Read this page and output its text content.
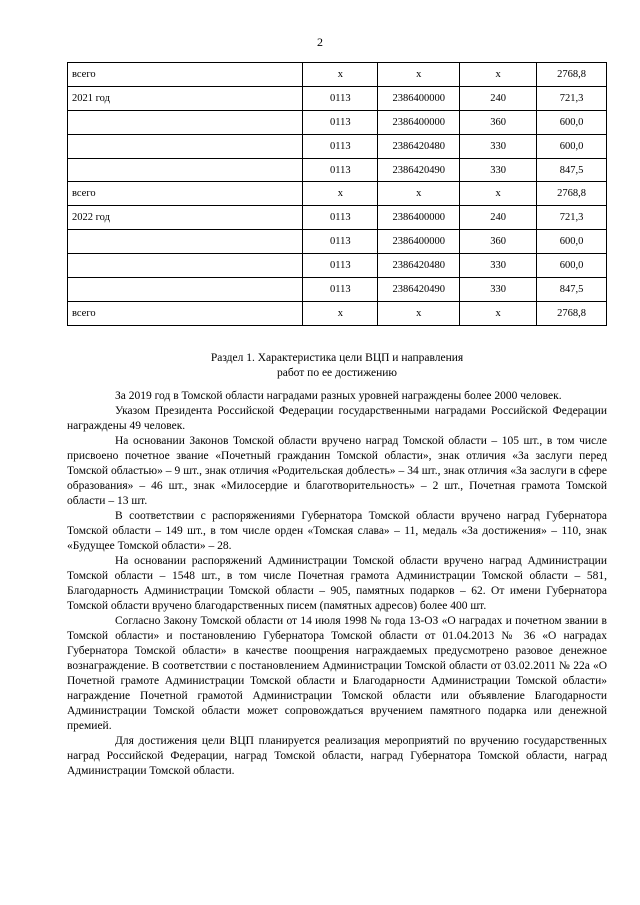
2
всего	х	х	х	2768,8
2021 год	0113	2386400000	240	721,3
	0113	2386400000	360	600,0
	0113	2386420480	330	600,0
	0113	2386420490	330	847,5
всего	х	х	х	2768,8
2022 год	0113	2386400000	240	721,3
	0113	2386400000	360	600,0
	0113	2386420480	330	600,0
	0113	2386420490	330	847,5
всего	х	х	х	2768,8
Раздел 1. Характеристика цели ВЦП и направления
работ по ее достижению

За 2019 год в Томской области наградами разных уровней награждены более 2000 человек.

Указом Президента Российской Федерации государственными наградами Российской Федерации награждены 49 человек.

На основании Законов Томской области вручено наград Томской области – 105 шт., в том числе присвоено почетное звание «Почетный гражданин Томской области», знак отличия «За заслуги перед Томской областью» – 9 шт., знак отличия «Родительская доблесть» – 34 шт., знак отличия «За заслуги в сфере образования» – 46 шт., знак «Милосердие и благотворительность» – 2 шт., Почетная грамота Томской области – 13 шт.

В соответствии с распоряжениями Губернатора Томской области вручено наград Губернатора Томской области – 149 шт., в том числе орден «Томская слава» – 11, медаль «За достижения» – 110, знак «Будущее Томской области» – 28.

На основании распоряжений Администрации Томской области вручено наград Администрации Томской области – 1548 шт., в том числе Почетная грамота Администрации Томской области – 581, Благодарность Администрации Томской области – 905, памятных подарков – 62. От имени Губернатора Томской области вручено благодарственных писем (памятных адресов) более 400 шт.

Согласно Закону Томской области от 14 июля 1998 № года 13-ОЗ «О наградах и почетном звании в Томской области» и постановлению Губернатора Томской области от 01.04.2013 № 36 «О наградах Губернатора Томской области» в качестве поощрения награждаемых предусмотрено разовое денежное вознаграждение. В соответствии с постановлением Администрации Томской области от 03.02.2011 № 22а «О Почетной грамоте Администрации Томской области и Благодарности Администрации Томской области» награждение Почетной грамотой Администрации Томской области или объявление Благодарности Администрации Томской области может сопровождаться вручением памятного подарка или денежной премией.

Для достижения цели ВЦП планируется реализация мероприятий по вручению государственных наград Российской Федерации, наград Томской области, наград Губернатора Томской области, наград Администрации Томской области.
